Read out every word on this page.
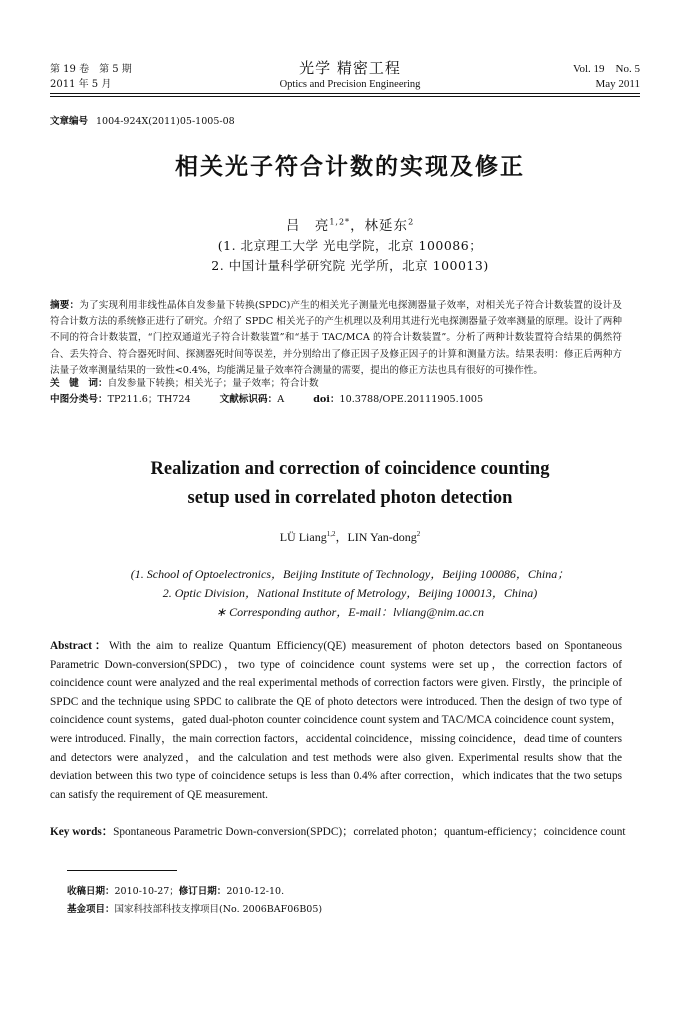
第 19 卷　第 5 期
2011 年 5 月
光学 精密工程
Optics and Precision Engineering
Vol. 19　No. 5
May 2011
文章编号 1004-924X(2011)05-1005-08
相关光子符合计数的实现及修正
吕　亮$^{1,2*}$，林延东$^2$
(1. 北京理工大学 光电学院，北京 100086；
2. 中国计量科学研究院 光学所，北京 100013)
摘要：为了实现利用非线性晶体自发参量下转换(SPDC)产生的相关光子测量光电探测器量子效率，对相关光子符合计数装置的设计及符合计数方法的系统修正进行了研究。介绍了 SPDC 相关光子的产生机理以及利用其进行光电探测器量子效率测量的原理。设计了两种不同的符合计数装置，“门控双通道光子符合计数装置”和“基于 TAC/MCA 的符合计数装置”。分析了两种计数装置符合结果的偶然符合、丢失符合、符合器死时间、探测器死时间等误差，并分别给出了修正因子及修正因子的计算和测量方法。结果表明：修正后两种方法量子效率测量结果的一致性<0.4%，均能满足量子效率符合测量的需要，提出的修正方法也具有很好的可操作性。
关　键　词：自发参量下转换；相关光子；量子效率；符合计数
中图分类号：TP211.6；TH724	文献标识码：A	doi：10.3788/OPE.20111905.1005
Realization and correction of coincidence counting
setup used in correlated photon detection
LÜ Liang$^{1,2}$，LIN Yan-dong$^2$
(1. School of Optoelectronics，Beijing Institute of Technology，Beijing 100086，China；
2. Optic Division，National Institute of Metrology，Beijing 100013，China)
∗ Corresponding author，E-mail：lvliang@nim.ac.cn
Abstract：With the aim to realize Quantum Efficiency(QE) measurement of photon detectors based on Spontaneous Parametric Down-conversion(SPDC)，two type of coincidence count systems were set up，the correction factors of coincidence count were analyzed and the real experimental methods of correction factors were given. Firstly，the principle of SPDC and the technique using SPDC to calibrate the QE of photo detectors were introduced. Then the design of two type of coincidence count systems，gated dual-photon counter coincidence count system and TAC/MCA coincidence count system，were introduced. Finally，the main correction factors，accidental coincidence，missing coincidence，dead time of counters and detectors were analyzed，and the calculation and test methods were also given. Experimental results show that the deviation between this two type of coincidence setups is less than 0.4% after correction，which indicates that the two setups can satisfy the requirement of QE measurement.
Key words：Spontaneous Parametric Down-conversion(SPDC)；correlated photon；quantum-efficiency；coincidence count
收稿日期：2010-10-27；修订日期：2010-12-10.
基金项目：国家科技部科技支撑项目(No. 2006BAF06B05)
